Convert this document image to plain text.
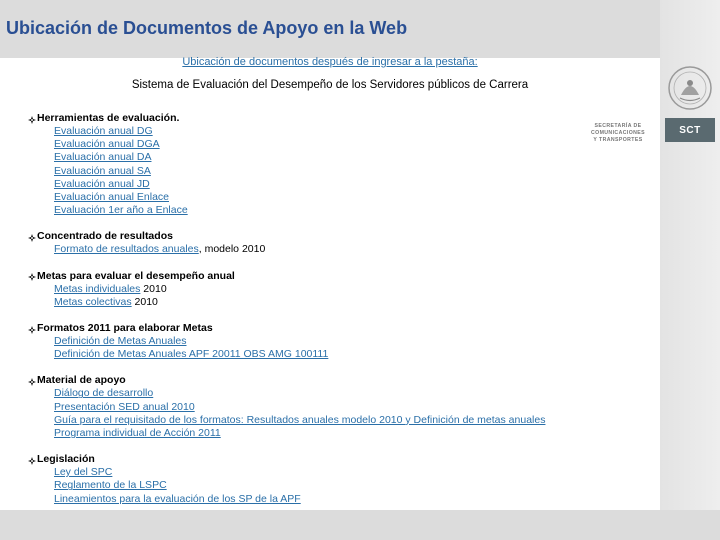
Ubicación de Documentos de Apoyo en la Web
SECRETARÍA DE
COMUNICACIONES
Y TRANSPORTES
SCT
Ubicación de documentos después de ingresar a la pestaña:
Sistema de Evaluación del Desempeño de los Servidores públicos de Carrera
Herramientas de evaluación.
Evaluación anual DG
Evaluación anual DGA
Evaluación anual DA
Evaluación anual SA
Evaluación anual JD
Evaluación anual Enlace
Evaluación 1er año a Enlace
Concentrado de resultados
Formato de resultados anuales, modelo 2010
Metas para evaluar el desempeño anual
Metas individuales 2010
Metas colectivas 2010
Formatos 2011 para elaborar Metas
Definición de Metas Anuales
Definición de Metas Anuales APF 20011 OBS AMG 100111
Material de apoyo
Diálogo de desarrollo
Presentación SED anual 2010
Guía para el requisitado de los formatos: Resultados anuales modelo 2010 y Definición de metas anuales
Programa individual de Acción 2011
Legislación
Ley del SPC
Reglamento de la LSPC
Lineamientos para la evaluación de los SP de la APF
